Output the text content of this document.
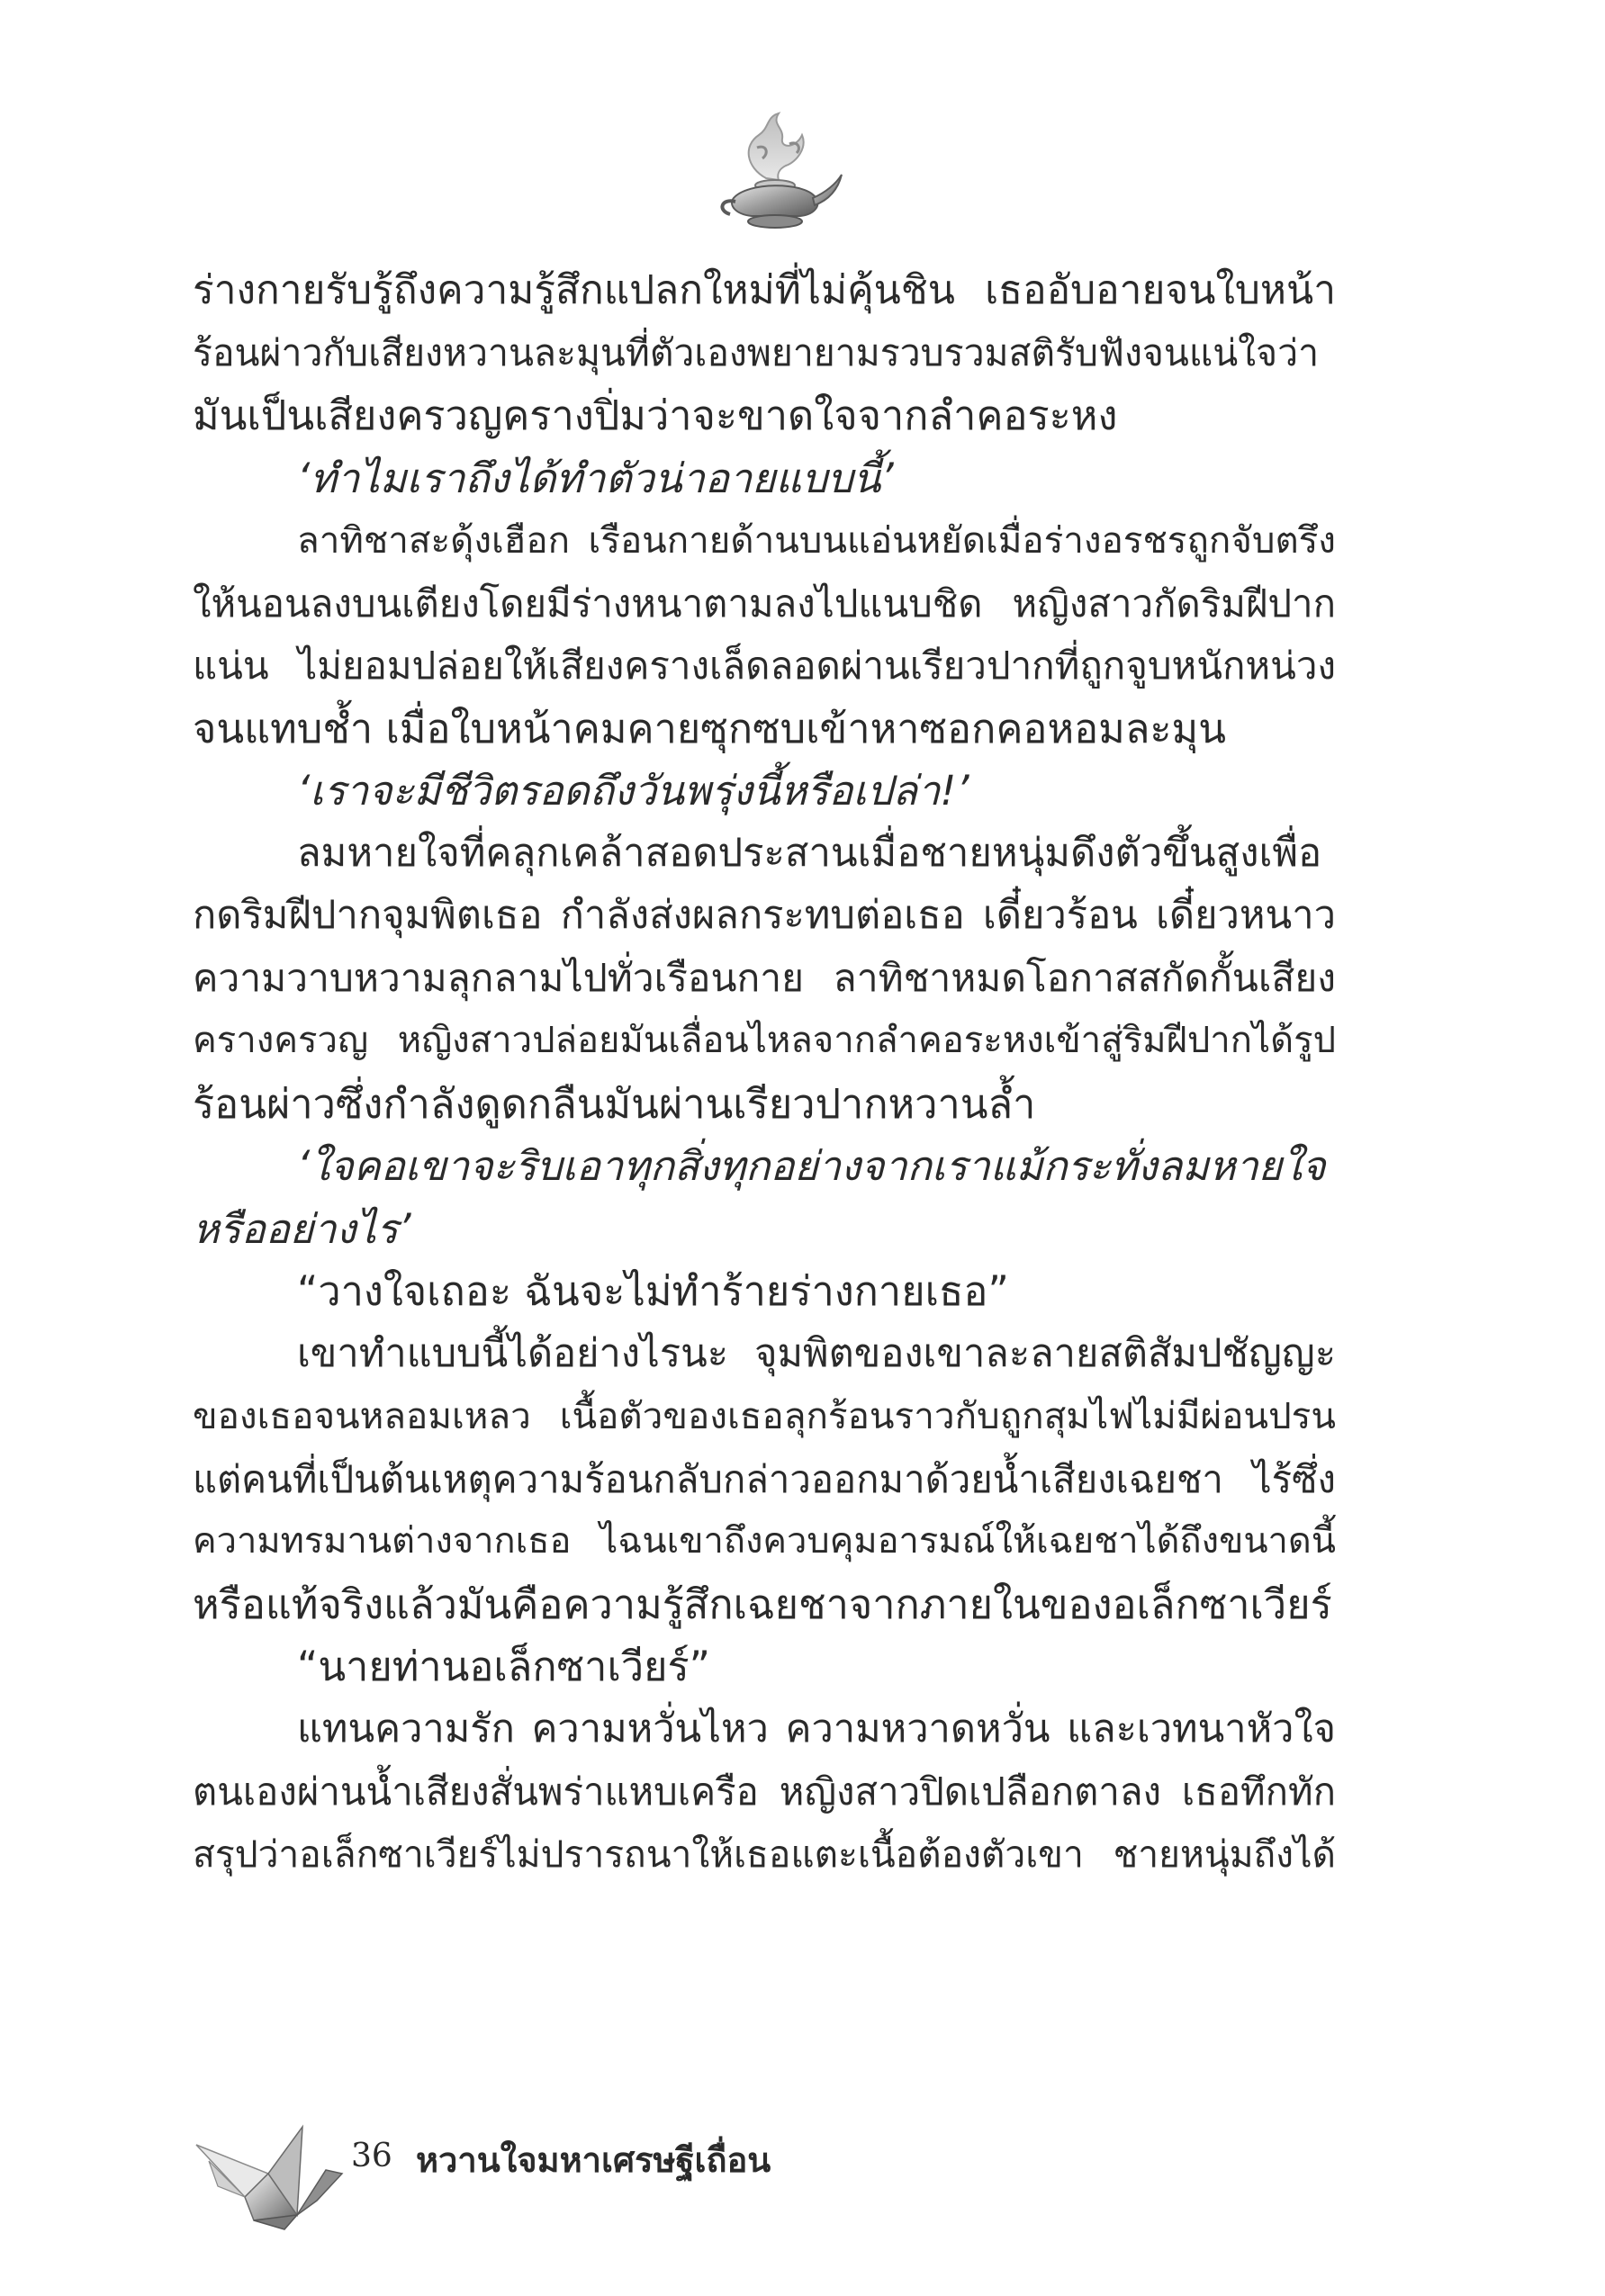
ร่างกายรับรู้ถึงความรู้สึกแปลกใหม่ที่ไม่คุ้นชิน เธออับอายจนใบหน้า
ร้อนผ่าวกับเสียงหวานละมุนที่ตัวเองพยายามรวบรวมสติรับฟังจนแน่ใจว่า
มันเป็นเสียงครวญครางปิ่มว่าจะขาดใจจากลำคอระหง
‘ทำไมเราถึงได้ทำตัวน่าอายแบบนี้’
ลาทิชาสะดุ้งเฮือก เรือนกายด้านบนแอ่นหยัดเมื่อร่างอรชรถูกจับตรึง
ให้นอนลงบนเตียงโดยมีร่างหนาตามลงไปแนบชิด หญิงสาวกัดริมฝีปาก
แน่น ไม่ยอมปล่อยให้เสียงครางเล็ดลอดผ่านเรียวปากที่ถูกจูบหนักหน่วง
จนแทบช้ำ เมื่อใบหน้าคมคายซุกซบเข้าหาซอกคอหอมละมุน
‘เราจะมีชีวิตรอดถึงวันพรุ่งนี้หรือเปล่า!’
ลมหายใจที่คลุกเคล้าสอดประสานเมื่อชายหนุ่มดึงตัวขึ้นสูงเพื่อ
กดริมฝีปากจุมพิตเธอ กำลังส่งผลกระทบต่อเธอ เดี๋ยวร้อน เดี๋ยวหนาว
ความวาบหวามลุกลามไปทั่วเรือนกาย ลาทิชาหมดโอกาสสกัดกั้นเสียง
ครางครวญ หญิงสาวปล่อยมันเลื่อนไหลจากลำคอระหงเข้าสู่ริมฝีปากได้รูป
ร้อนผ่าวซึ่งกำลังดูดกลืนมันผ่านเรียวปากหวานล้ำ
‘ใจคอเขาจะริบเอาทุกสิ่งทุกอย่างจากเราแม้กระทั่งลมหายใจ
หรืออย่างไร’
“วางใจเถอะ ฉันจะไม่ทำร้ายร่างกายเธอ”
เขาทำแบบนี้ได้อย่างไรนะ จุมพิตของเขาละลายสติสัมปชัญญะ
ของเธอจนหลอมเหลว เนื้อตัวของเธอลุกร้อนราวกับถูกสุมไฟไม่มีผ่อนปรน
แต่คนที่เป็นต้นเหตุความร้อนกลับกล่าวออกมาด้วยน้ำเสียงเฉยชา ไร้ซึ่ง
ความทรมานต่างจากเธอ ไฉนเขาถึงควบคุมอารมณ์ให้เฉยชาได้ถึงขนาดนี้
หรือแท้จริงแล้วมันคือความรู้สึกเฉยชาจากภายในของอเล็กซาเวียร์
“นายท่านอเล็กซาเวียร์”
แทนความรัก ความหวั่นไหว ความหวาดหวั่น และเวทนาหัวใจ
ตนเองผ่านน้ำเสียงสั่นพร่าแหบเครือ หญิงสาวปิดเปลือกตาลง เธอทึกทัก
สรุปว่าอเล็กซาเวียร์ไม่ปรารถนาให้เธอแตะเนื้อต้องตัวเขา ชายหนุ่มถึงได้
36 หวานใจมหาเศรษฐีเถื่อน
